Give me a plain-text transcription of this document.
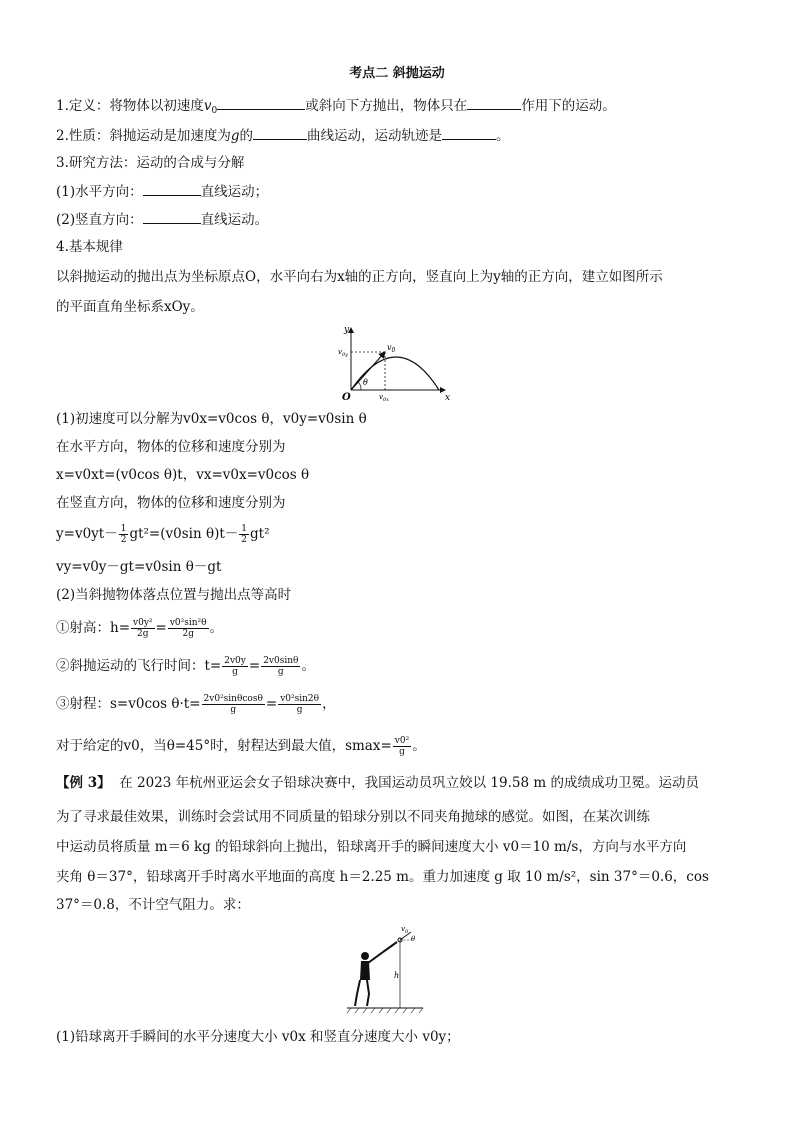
考点二 斜抛运动
1.定义：将物体以初速度$v_0$	或斜向下方抛出，物体只在	作用下的运动。
2.性质：斜抛运动是加速度为g的	曲线运动，运动轨迹是	。
3.研究方法：运动的合成与分解
(1)水平方向：	直线运动；
(2)竖直方向：	直线运动。
4.基本规律
以斜抛运动的抛出点为坐标原点O，水平向右为x轴的正方向，竖直向上为y轴的正方向，建立如图所示
的平面直角坐标系xOy。
y
x
O
θ
$v_0$
$v_{0y}$
$v_{0x}$
(1)初速度可以分解为v0x=v0cos θ，v0y=v0sin θ
在水平方向，物体的位移和速度分别为
x=v0xt=(v0cos θ)t，vx=v0x=v0cos θ
在竖直方向，物体的位移和速度分别为
$y=v0yt- \frac{1}{2} gt^2=(v0\sin$ $\theta)t- \frac{1}{2} gt^2$
vy=v0y－gt=v0sin θ－gt
(2)当斜抛物体落点位置与抛出点等高时
①射高：$h= \frac{\text{v0y²}}{2g} = \frac{\text{v0²sin²θ}}{2g}$ 。
②斜抛运动的飞行时间：$t= \frac{2v0y}{g} = \frac{2v0\sin\theta}{g}$ 。
③射程：s=v0cos $\theta\cdot t= \frac{\text{2v0²sinθcosθ}}{g} = \frac{\text{v0²sin2θ}}{g}$ ，
对于给定的v0，当θ=45°时，射程达到最大值，$smax= \frac{\text{v0²}}{g}$ 。
【例 3】 在 2023 年杭州亚运会女子铅球决赛中，我国运动员巩立姣以 19.58 m 的成绩成功卫冕。运动员
为了寻求最佳效果，训练时会尝试用不同质量的铅球分别以不同夹角抛球的感觉。如图，在某次训练
中运动员将质量 m＝6 kg 的铅球斜向上抛出，铅球离开手的瞬间速度大小 v0＝10 m/s，方向与水平方向
夹角 θ＝37°，铅球离开手时离水平地面的高度 h＝2.25 m。重力加速度 g 取 10 m/s²，sin 37°＝0.6，cos
37°＝0.8，不计空气阻力。求：
$v_0$
θ
h
(1)铅球离开手瞬间的水平分速度大小 v0x 和竖直分速度大小 v0y；
